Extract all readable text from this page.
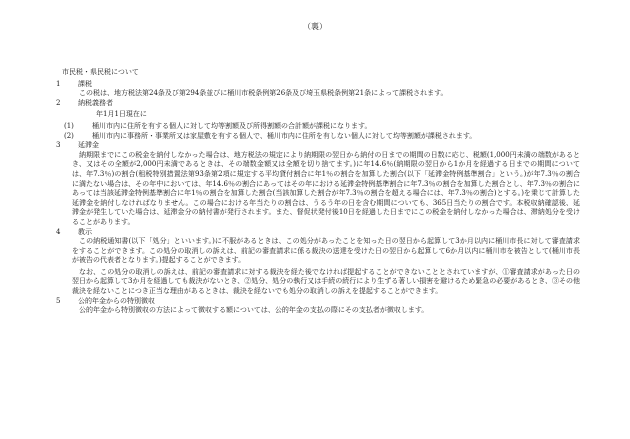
（裏）
市民税・県民税について
1	課税
この税は、地方税法第24条及び第294条並びに桶川市税条例第26条及び埼玉県税条例第21条によって課税されます。
2	納税義務者
年1月1日現在に
(1)	桶川市内に住所を有する個人に対して均等割額及び所得割額の合計額が課税になります。
(2)	桶川市内に事務所・事業所又は家屋敷を有する個人で、桶川市内に住所を有しない個人に対して均等割額が課税されます。
3	延滞金
納期限までにこの税金を納付しなかった場合は、地方税法の規定により納期限の翌日から納付の日までの期間の日数に応じ、税額(1,000円未満の端数があるとき、又はその全額が2,000円未満であるときは、その端数金額又は全額を切り捨てます。)に年14.6％(納期限の翌日から1か月を経過する日までの期間については、年7.3％)の割合(租税特別措置法第93条第2項に規定する平均貸付割合に年1％の割合を加算した割合(以下「延滞金特例基準割合」という。)が年7.3％の割合に満たない場合は、その年中においては、年14.6％の割合にあってはその年における延滞金特例基準割合に年7.3％の割合を加算した割合とし、年7.3％の割合にあっては当該延滞金特例基準割合に年1％の割合を加算した割合(当該加算した割合が年7.3％の割合を超える場合には、年7.3％の割合)とする。)を乗じて計算した延滞金を納付しなければなりません。この場合における年当たりの割合は、うるう年の日を含む期間についても、365日当たりの割合です。本税収納確認後、延滞金が発生していた場合は、延滞金分の納付書が発行されます。また、督促状発付後10日を経過した日までにこの税金を納付しなかった場合は、滞納処分を受けることがあります。
4	教示
この納税通知書(以下「処分」といいます。)に不服があるときは、この処分があったことを知った日の翌日から起算して3か月以内に桶川市長に対して審査請求をすることができます。この処分の取消しの訴えは、前記の審査請求に係る裁決の送達を受けた日の翌日から起算して6か月以内に桶川市を被告として(桶川市長が被告の代表者となります。)提起することができます。
なお、この処分の取消しの訴えは、前記の審査請求に対する裁決を経た後でなければ提起することができないこととされていますが、①審査請求があった日の翌日から起算して3か月を経過しても裁決がないとき、②処分、処分の執行又は手続の続行により生ずる著しい損害を避けるため緊急の必要があるとき、③その他裁決を経ないことにつき正当な理由があるときは、裁決を経ないでも処分の取消しの訴えを提起することができます。
5	公的年金からの特別徴収
公的年金から特別徴収の方法によって徴収する額については、公的年金の支払の際にその支払者が徴収します。
